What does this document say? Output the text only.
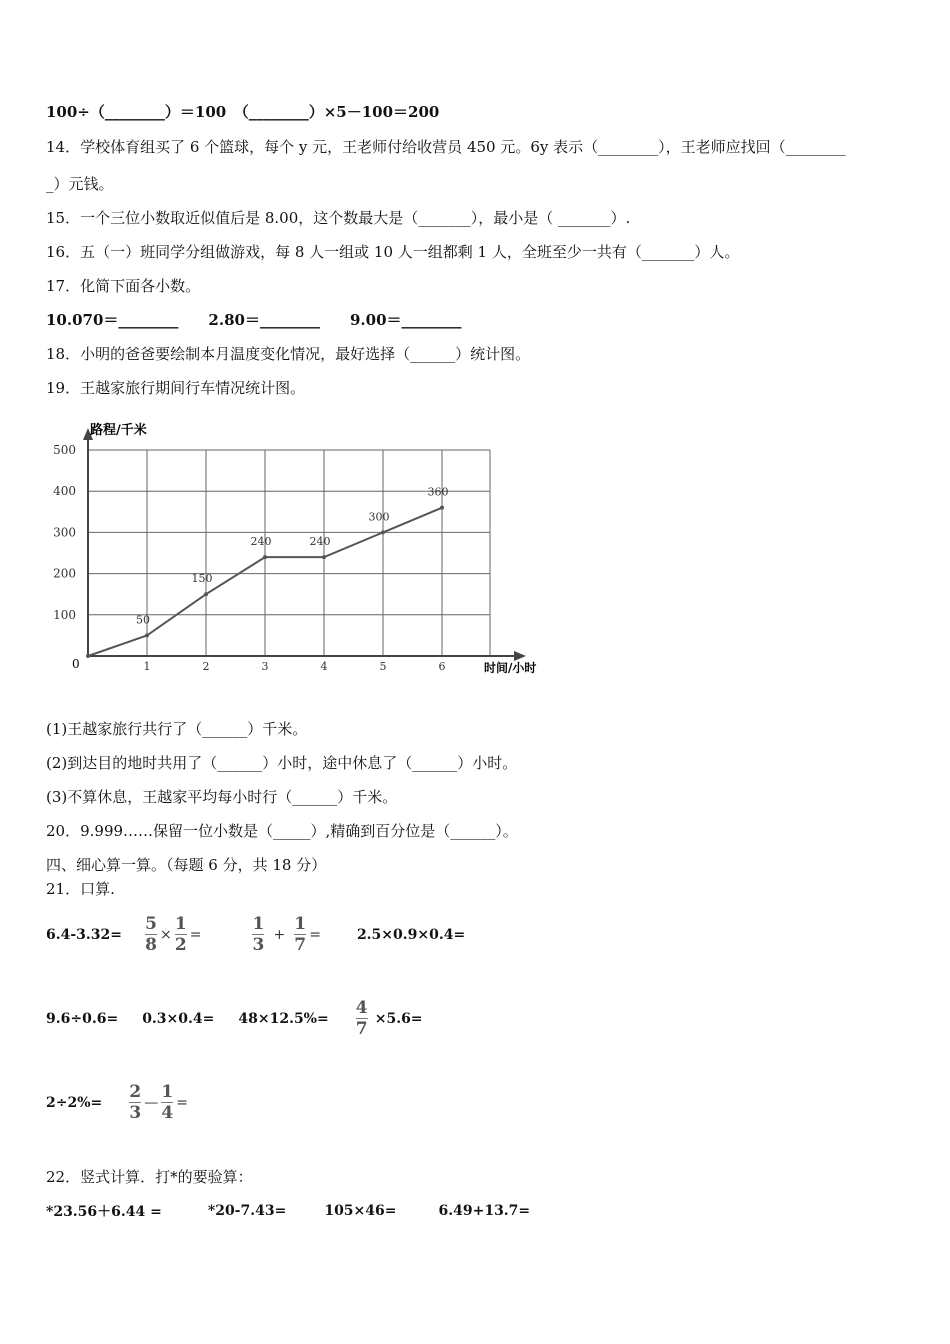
100÷（________）＝100　（________）×5－100＝200
14．学校体育组买了 6 个篮球，每个 y 元，王老师付给收营员 450 元。6y 表示（________），王老师应找回（________
_）元钱。
15．一个三位小数取近似值后是 8.00，这个数最大是（_______），最小是（ _______）.
16．五（一）班同学分组做游戏，每 8 人一组或 10 人一组都剩 1 人，全班至少一共有（_______）人。
17．化简下面各小数。
10.070＝________ 2.80＝________ 9.00＝________
18．小明的爸爸要绘制本月温度变化情况，最好选择（______）统计图。
19．王越家旅行期间行车情况统计图。
100
200
300
400
500
1	2	3	4	5	6
50
150
240	240
300
360
路程/千米
时间/小时
0
(1)王越家旅行共行了（______）千米。
(2)到达目的地时共用了（______）小时，途中休息了（______）小时。
(3)不算休息，王越家平均每小时行（______）千米。
20．9.999……保留一位小数是（_____）,精确到百分位是（______）。
四、细心算一算。（每题 6 分，共 18 分）
21．口算.
$6.4-3.32= \frac{5}{8} \times \frac{1}{2}$ =	$\frac{1}{3} + \frac{1}{7}$ =	2.5×0.9×0.4=
$9.6\div 0.6= 0.3\times 0.4= 48\times 12.5\%= \frac{4}{7} \times 5.6=$
$2\div 2\%= \frac{2}{3}$ — $\frac{1}{4}$ =
22．竖式计算．打*的要验算：
*23.56＋6.44 =	*20-7.43=	105×46=	6.49+13.7=
